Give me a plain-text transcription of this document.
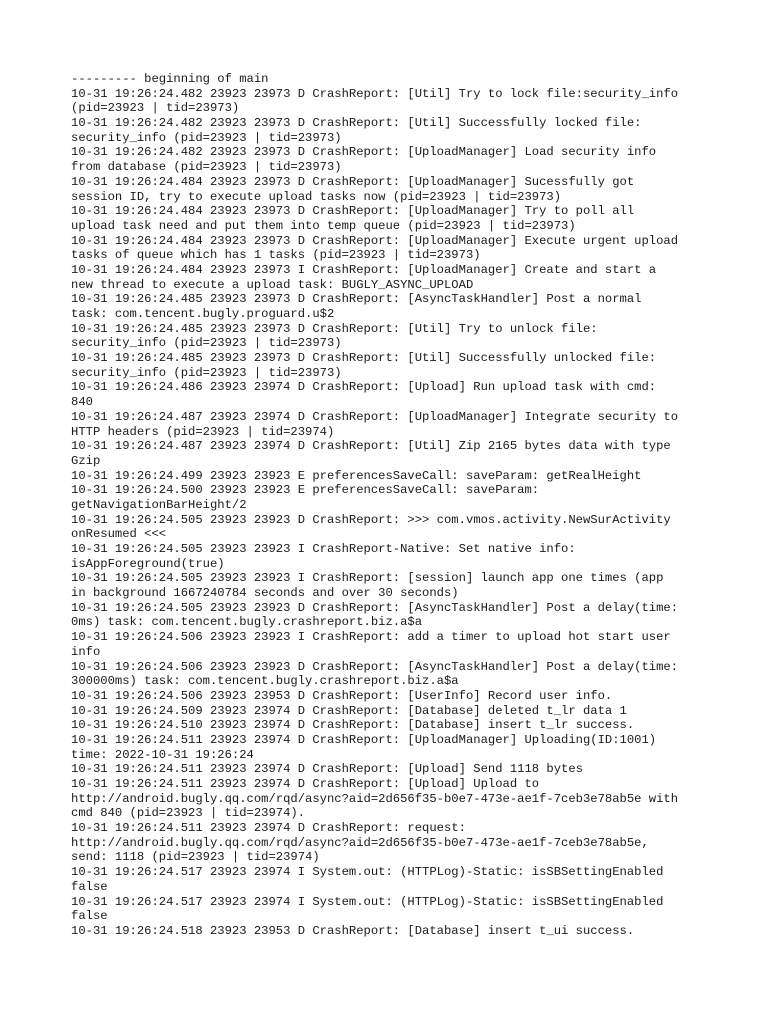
--------- beginning of main
10-31 19:26:24.482 23923 23973 D CrashReport: [Util] Try to lock file:security_info
(pid=23923 | tid=23973)
10-31 19:26:24.482 23923 23973 D CrashReport: [Util] Successfully locked file:
security_info (pid=23923 | tid=23973)
10-31 19:26:24.482 23923 23973 D CrashReport: [UploadManager] Load security info
from database (pid=23923 | tid=23973)
10-31 19:26:24.484 23923 23973 D CrashReport: [UploadManager] Sucessfully got
session ID, try to execute upload tasks now (pid=23923 | tid=23973)
10-31 19:26:24.484 23923 23973 D CrashReport: [UploadManager] Try to poll all
upload task need and put them into temp queue (pid=23923 | tid=23973)
10-31 19:26:24.484 23923 23973 D CrashReport: [UploadManager] Execute urgent upload
tasks of queue which has 1 tasks (pid=23923 | tid=23973)
10-31 19:26:24.484 23923 23973 I CrashReport: [UploadManager] Create and start a
new thread to execute a upload task: BUGLY_ASYNC_UPLOAD
10-31 19:26:24.485 23923 23973 D CrashReport: [AsyncTaskHandler] Post a normal
task: com.tencent.bugly.proguard.u$2
10-31 19:26:24.485 23923 23973 D CrashReport: [Util] Try to unlock file:
security_info (pid=23923 | tid=23973)
10-31 19:26:24.485 23923 23973 D CrashReport: [Util] Successfully unlocked file:
security_info (pid=23923 | tid=23973)
10-31 19:26:24.486 23923 23974 D CrashReport: [Upload] Run upload task with cmd:
840
10-31 19:26:24.487 23923 23974 D CrashReport: [UploadManager] Integrate security to
HTTP headers (pid=23923 | tid=23974)
10-31 19:26:24.487 23923 23974 D CrashReport: [Util] Zip 2165 bytes data with type
Gzip
10-31 19:26:24.499 23923 23923 E preferencesSaveCall: saveParam: getRealHeight
10-31 19:26:24.500 23923 23923 E preferencesSaveCall: saveParam:
getNavigationBarHeight/2
10-31 19:26:24.505 23923 23923 D CrashReport: >>> com.vmos.activity.NewSurActivity
onResumed <<<
10-31 19:26:24.505 23923 23923 I CrashReport-Native: Set native info:
isAppForeground(true)
10-31 19:26:24.505 23923 23923 I CrashReport: [session] launch app one times (app
in background 1667240784 seconds and over 30 seconds)
10-31 19:26:24.505 23923 23923 D CrashReport: [AsyncTaskHandler] Post a delay(time:
0ms) task: com.tencent.bugly.crashreport.biz.a$a
10-31 19:26:24.506 23923 23923 I CrashReport: add a timer to upload hot start user
info
10-31 19:26:24.506 23923 23923 D CrashReport: [AsyncTaskHandler] Post a delay(time:
300000ms) task: com.tencent.bugly.crashreport.biz.a$a
10-31 19:26:24.506 23923 23953 D CrashReport: [UserInfo] Record user info.
10-31 19:26:24.509 23923 23974 D CrashReport: [Database] deleted t_lr data 1
10-31 19:26:24.510 23923 23974 D CrashReport: [Database] insert t_lr success.
10-31 19:26:24.511 23923 23974 D CrashReport: [UploadManager] Uploading(ID:1001)
time: 2022-10-31 19:26:24
10-31 19:26:24.511 23923 23974 D CrashReport: [Upload] Send 1118 bytes
10-31 19:26:24.511 23923 23974 D CrashReport: [Upload] Upload to
http://android.bugly.qq.com/rqd/async?aid=2d656f35-b0e7-473e-ae1f-7ceb3e78ab5e with
cmd 840 (pid=23923 | tid=23974).
10-31 19:26:24.511 23923 23974 D CrashReport: request:
http://android.bugly.qq.com/rqd/async?aid=2d656f35-b0e7-473e-ae1f-7ceb3e78ab5e,
send: 1118 (pid=23923 | tid=23974)
10-31 19:26:24.517 23923 23974 I System.out: (HTTPLog)-Static: isSBSettingEnabled
false
10-31 19:26:24.517 23923 23974 I System.out: (HTTPLog)-Static: isSBSettingEnabled
false
10-31 19:26:24.518 23923 23953 D CrashReport: [Database] insert t_ui success.
